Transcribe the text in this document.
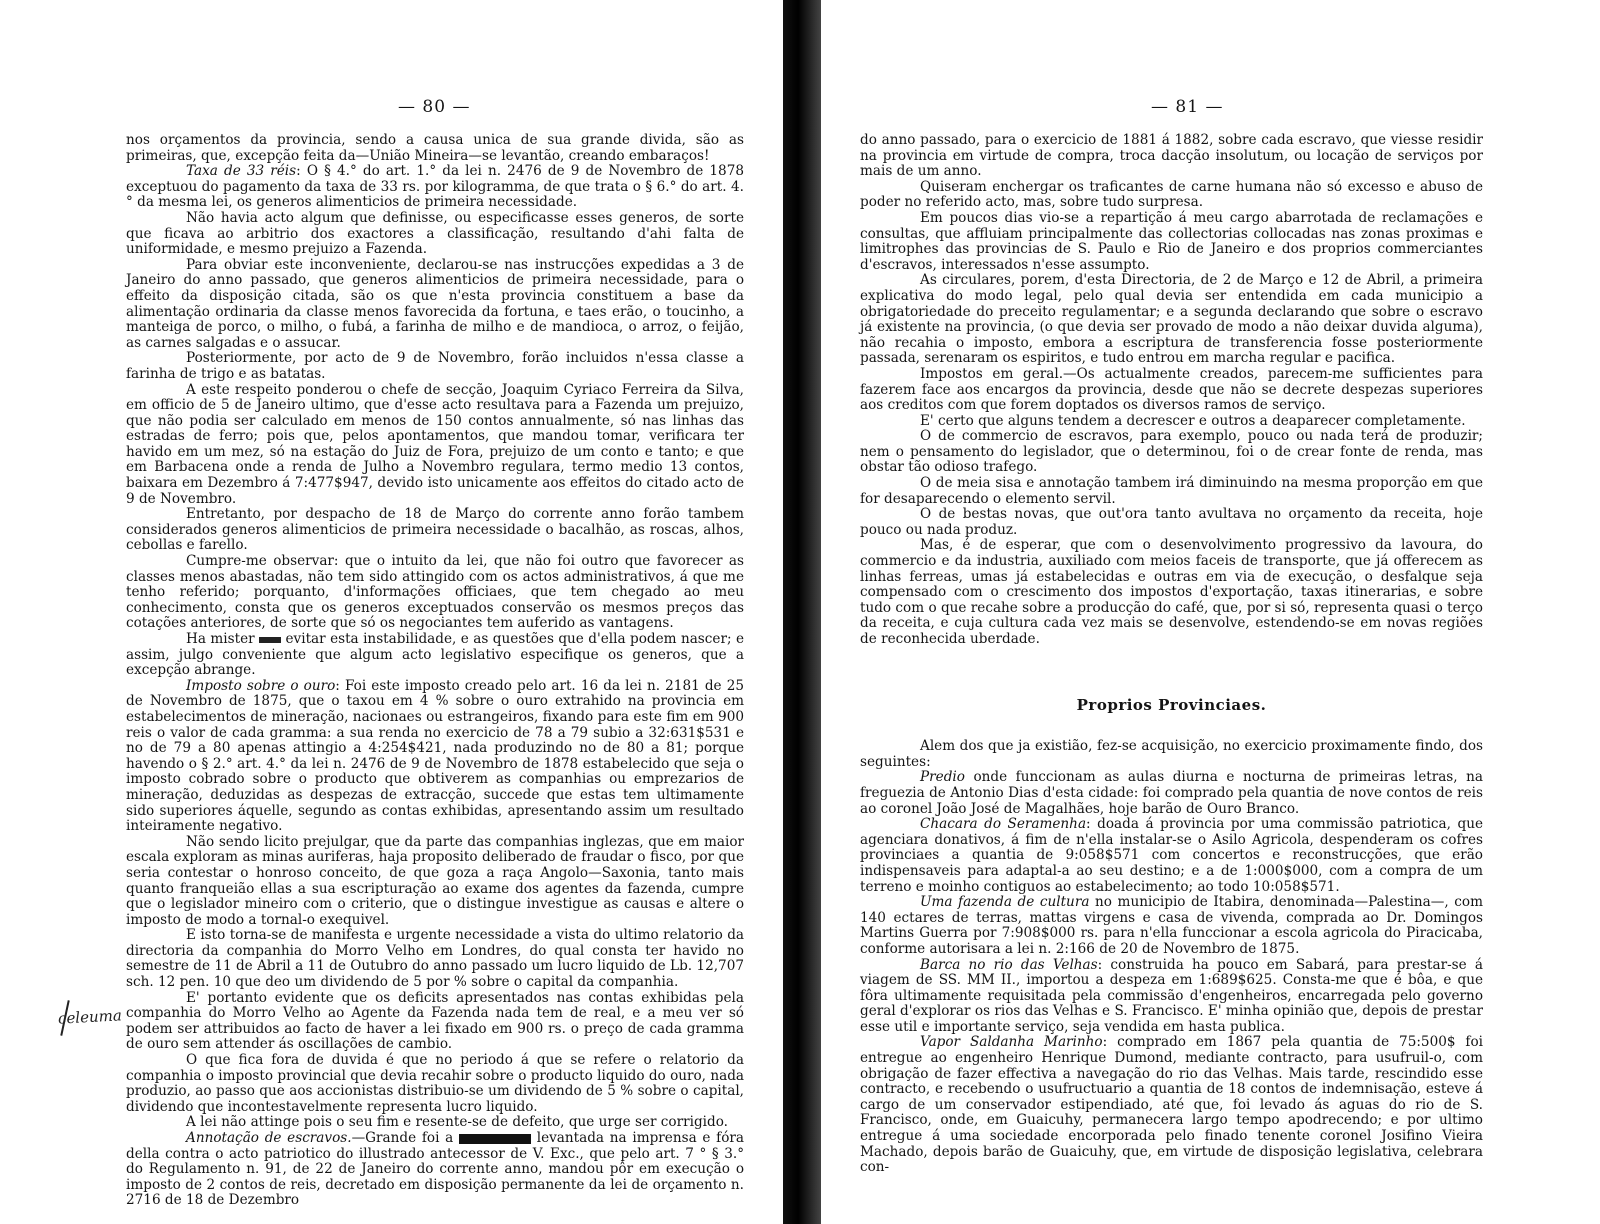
— 80 —
celeuma

nos orçamentos da provincia, sendo a causa unica de sua grande divida, são as primeiras, que, excepção feita da—União Mineira—se levantão, creando embaraços!

Taxa de 33 réis: O § 4.° do art. 1.° da lei n. 2476 de 9 de Novembro de 1878 exceptuou do pagamento da taxa de 33 rs. por kilogramma, de que trata o § 6.° do art. 4.° da mesma lei, os generos alimenticios de primeira necessidade.

Não havia acto algum que definisse, ou especificasse esses generos, de sorte que ficava ao arbitrio dos exactores a classificação, resultando d'ahi falta de uniformidade, e mesmo prejuizo a Fazenda.

Para obviar este inconveniente, declarou-se nas instrucções expedidas a 3 de Janeiro do anno passado, que generos alimenticios de primeira necessidade, para o effeito da disposição citada, são os que n'esta provincia constituem a base da alimentação ordinaria da classe menos favorecida da fortuna, e taes erão, o toucinho, a manteiga de porco, o milho, o fubá, a farinha de milho e de mandioca, o arroz, o feijão, as carnes salgadas e o assucar.

Posteriormente, por acto de 9 de Novembro, forão incluidos n'essa classe a farinha de trigo e as batatas.

A este respeito ponderou o chefe de secção, Joaquim Cyriaco Ferreira da Silva, em officio de 5 de Janeiro ultimo, que d'esse acto resultava para a Fazenda um prejuizo, que não podia ser calculado em menos de 150 contos annualmente, só nas linhas das estradas de ferro; pois que, pelos apontamentos, que mandou tomar, verificara ter havido em um mez, só na estação do Juiz de Fora, prejuizo de um conto e tanto; e que em Barbacena onde a renda de Julho a Novembro regulara, termo medio 13 contos, baixara em Dezembro á 7:477$947, devido isto unicamente aos effeitos do citado acto de 9 de Novembro.

Entretanto, por despacho de 18 de Março do corrente anno forão tambem considerados generos alimenticios de primeira necessidade o bacalhão, as roscas, alhos, cebollas e farello.

Cumpre-me observar: que o intuito da lei, que não foi outro que favorecer as classes menos abastadas, não tem sido attingido com os actos administrativos, á que me tenho referido; porquanto, d'informações officiaes, que tem chegado ao meu conhecimento, consta que os generos exceptuados conservão os mesmos preços das cotações anteriores, de sorte que só os negociantes tem auferido as vantagens.

Ha mister evitar esta instabilidade, e as questões que d'ella podem nascer; e assim, julgo conveniente que algum acto legislativo especifique os generos, que a excepção abrange.

Imposto sobre o ouro: Foi este imposto creado pelo art. 16 da lei n. 2181 de 25 de Novembro de 1875, que o taxou em 4 % sobre o ouro extrahido na provincia em estabelecimentos de mineração, nacionaes ou estrangeiros, fixando para este fim em 900 reis o valor de cada gramma: a sua renda no exercicio de 78 a 79 subio a 32:631$531 e no de 79 a 80 apenas attingio a 4:254$421, nada produzindo no de 80 a 81; porque havendo o § 2.° art. 4.° da lei n. 2476 de 9 de Novembro de 1878 estabelecido que seja o imposto cobrado sobre o producto que obtiverem as companhias ou emprezarios de mineração, deduzidas as despezas de extracção, succede que estas tem ultimamente sido superiores áquelle, segundo as contas exhibidas, apresentando assim um resultado inteiramente negativo.

Não sendo licito prejulgar, que da parte das companhias inglezas, que em maior escala exploram as minas auriferas, haja proposito deliberado de fraudar o fisco, por que seria contestar o honroso conceito, de que goza a raça Angolo—Saxonia, tanto mais quanto franqueião ellas a sua escripturação ao exame dos agentes da fazenda, cumpre que o legislador mineiro com o criterio, que o distingue investigue as causas e altere o imposto de modo a tornal-o exequivel.

E isto torna-se de manifesta e urgente necessidade a vista do ultimo relatorio da directoria da companhia do Morro Velho em Londres, do qual consta ter havido no semestre de 11 de Abril a 11 de Outubro do anno passado um lucro liquido de Lb. 12,707 sch. 12 pen. 10 que deo um dividendo de 5 por % sobre o capital da companhia.

E' portanto evidente que os deficits apresentados nas contas exhibidas pela companhia do Morro Velho ao Agente da Fazenda nada tem de real, e a meu ver só podem ser attribuidos ao facto de haver a lei fixado em 900 rs. o preço de cada gramma de ouro sem attender ás oscillações de cambio.

O que fica fora de duvida é que no periodo á que se refere o relatorio da companhia o imposto provincial que devia recahir sobre o producto liquido do ouro, nada produzio, ao passo que aos accionistas distribuio-se um dividendo de 5 % sobre o capital, dividendo que incontestavelmente representa lucro liquido.

A lei não attinge pois o seu fim e resente-se de defeito, que urge ser corrigido.

Annotação de escravos.—Grande foi a	levantada na imprensa e fóra della contra o acto patriotico do illustrado antecessor de V. Exc., que pelo art. 7 ° § 3.° do Regulamento n. 91, de 22 de Janeiro do corrente anno, mandou pôr em execução o imposto de 2 contos de reis, decretado em disposição permanente da lei de orçamento n. 2716 de 18 de Dezembro

— 81 —

do anno passado, para o exercicio de 1881 á 1882, sobre cada escravo, que viesse residir na provincia em virtude de compra, troca dacção insolutum, ou locação de serviços por mais de um anno.

Quiseram enchergar os traficantes de carne humana não só excesso e abuso de poder no referido acto, mas, sobre tudo surpresa.

Em poucos dias vio-se a repartição á meu cargo abarrotada de reclamações e consultas, que affluiam principalmente das collectorias collocadas nas zonas proximas e limitrophes das provincias de S. Paulo e Rio de Janeiro e dos proprios commerciantes d'escravos, interessados n'esse assumpto.

As circulares, porem, d'esta Directoria, de 2 de Março e 12 de Abril, a primeira explicativa do modo legal, pelo qual devia ser entendida em cada municipio a obrigatoriedade do preceito regulamentar; e a segunda declarando que sobre o escravo já existente na provincia, (o que devia ser provado de modo a não deixar duvida alguma), não recahia o imposto, embora a escriptura de transferencia fosse posteriormente passada, serenaram os espiritos, e tudo entrou em marcha regular e pacifica.

Impostos em geral.—Os actualmente creados, parecem-me sufficientes para fazerem face aos encargos da provincia, desde que não se decrete despezas superiores aos creditos com que forem doptados os diversos ramos de serviço.

E' certo que alguns tendem a decrescer e outros a deaparecer completamente.

O de commercio de escravos, para exemplo, pouco ou nada terá de produzir; nem o pensamento do legislador, que o determinou, foi o de crear fonte de renda, mas obstar tão odioso trafego.

O de meia sisa e annotação tambem irá diminuindo na mesma proporção em que for desaparecendo o elemento servil.

O de bestas novas, que out'ora tanto avultava no orçamento da receita, hoje pouco ou nada produz.

Mas, é de esperar, que com o desenvolvimento progressivo da lavoura, do commercio e da industria, auxiliado com meios faceis de transporte, que já offerecem as linhas ferreas, umas já estabelecidas e outras em via de execução, o desfalque seja compensado com o crescimento dos impostos d'exportação, taxas itinerarias, e sobre tudo com o que recahe sobre a producção do café, que, por si só, representa quasi o terço da receita, e cuja cultura cada vez mais se desenvolve, estendendo-se em novas regiões de reconhecida uberdade.

Proprios Provinciaes.

Alem dos que ja existião, fez-se acquisição, no exercicio proximamente findo, dos seguintes:

Predio onde funccionam as aulas diurna e nocturna de primeiras letras, na freguezia de Antonio Dias d'esta cidade: foi comprado pela quantia de nove contos de reis ao coronel João José de Magalhães, hoje barão de Ouro Branco.

Chacara do Seramenha: doada á provincia por uma commissão patriotica, que agenciara donativos, á fim de n'ella instalar-se o Asilo Agricola, despenderam os cofres provinciaes a quantia de 9:058$571 com concertos e reconstrucções, que erão indispensaveis para adaptal-a ao seu destino; e a de 1:000$000, com a compra de um terreno e moinho contiguos ao estabelecimento; ao todo 10:058$571.

Uma fazenda de cultura no municipio de Itabira, denominada—Palestina—, com 140 ectares de terras, mattas virgens e casa de vivenda, comprada ao Dr. Domingos Martins Guerra por 7:908$000 rs. para n'ella funccionar a escola agricola do Piracicaba, conforme autorisara a lei n. 2:166 de 20 de Novembro de 1875.

Barca no rio das Velhas: construida ha pouco em Sabará, para prestar-se á viagem de SS. MM II., importou a despeza em 1:689$625. Consta-me que é bôa, e que fôra ultimamente requisitada pela commissão d'engenheiros, encarregada pelo governo geral d'explorar os rios das Velhas e S. Francisco. E' minha opinião que, depois de prestar esse util e importante serviço, seja vendida em hasta publica.

Vapor Saldanha Marinho: comprado em 1867 pela quantia de 75:500$ foi entregue ao engenheiro Henrique Dumond, mediante contracto, para usufruil-o, com obrigação de fazer effectiva a navegação do rio das Velhas. Mais tarde, rescindido esse contracto, e recebendo o usufructuario a quantia de 18 contos de indemnisação, esteve á cargo de um conservador estipendiado, até que, foi levado ás aguas do rio de S. Francisco, onde, em Guaicuhy, permanecera largo tempo apodrecendo; e por ultimo entregue á uma sociedade encorporada pelo finado tenente coronel Josifino Vieira Machado, depois barão de Guaicuhy, que, em virtude de disposição legislativa, celebrara con-
